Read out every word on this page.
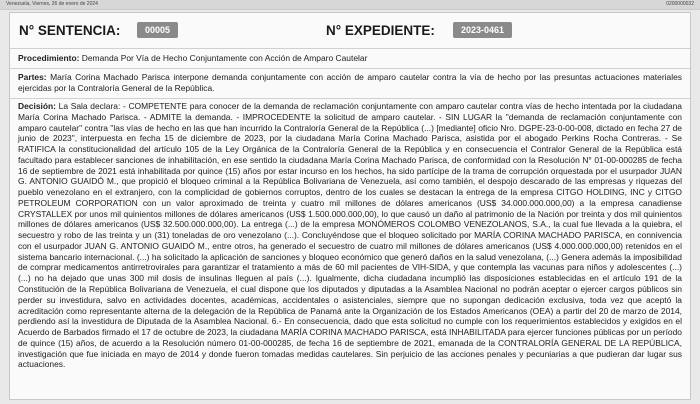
Venezuela, Viernes, 26 de enero de 2024	0200000032
N° SENTENCIA:	00005	N° EXPEDIENTE:	2023-0461
Procedimiento: Demanda Por Vía de Hecho Conjuntamente con Acción de Amparo Cautelar
Partes: María Corina Machado Parisca interpone demanda conjuntamente con acción de amparo cautelar contra la vía de hecho por las presuntas actuaciones materiales ejercidas por la Contraloría General de la República.
Decisión: La Sala declara: - COMPETENTE para conocer de la demanda de reclamación conjuntamente con amparo cautelar contra vías de hecho intentada por la ciudadana María Corina Machado Parisca. - ADMITE la demanda. - IMPROCEDENTE la solicitud de amparo cautelar. - SIN LUGAR la "demanda de reclamación conjuntamente con amparo cautelar" contra "las vías de hecho en las que han incurrido la Contraloría General de la República (...) [mediante] oficio Nro. DGPE-23-0-00-008, dictado en fecha 27 de junio de 2023", interpuesta en fecha 15 de diciembre de 2023, por la ciudadana María Corina Machado Parisca, asistida por el abogado Perkins Rocha Contreras. - Se RATIFICA la constitucionalidad del artículo 105 de la Ley Orgánica de la Contraloría General de la República y en consecuencia el Contralor General de la República está facultado para establecer sanciones de inhabilitación, en ese sentido la ciudadana María Corina Machado Parisca, de conformidad con la Resolución N° 01-00-000285 de fecha 16 de septiembre de 2021 está inhabilitada por quince (15) años por estar incurso en los hechos, ha sido partícipe de la trama de corrupción orquestada por el usurpador JUAN G. ANTONIO GUAIDÓ M., que propició el bloqueo criminal a la República Bolivariana de Venezuela, así como también, el despojo descarado de las empresas y riquezas del pueblo venezolano en el extranjero, con la complicidad de gobiernos corruptos, dentro de los cuales se destacan la entrega de la empresa CITGO HOLDING, INC y CITGO PETROLEUM CORPORATION con un valor aproximado de treinta y cuatro mil millones de dólares americanos (US$ 34.000.000.000,00) a la empresa canadiense CRYSTALLEX por unos mil quinientos millones de dólares americanos (US$ 1.500.000.000,00), lo que causó un daño al patrimonio de la Nación por treinta y dos mil quinientos millones de dólares americanos (US$ 32.500.000.000,00). La entrega (...) de la empresa MONÓMEROS COLOMBO VENEZOLANOS, S.A., la cual fue llevada a la quiebra, el secuestro y robo de las treinta y un (31) toneladas de oro venezolano (...). Concluyéndose que el bloqueo solicitado por MARÍA CORINA MACHADO PARISCA, en connivencia con el usurpador JUAN G. ANTONIO GUAIDÓ M., entre otros, ha generado el secuestro de cuatro mil millones de dólares americanos (US$ 4.000.000.000,00) retenidos en el sistema bancario internacional. (...) ha solicitado la aplicación de sanciones y bloqueo económico que generó daños en la salud venezolana, (...) Genera además la imposibilidad de comprar medicamentos antirretrovirales para garantizar el tratamiento a más de 60 mil pacientes de VIH-SIDA, y que contempla las vacunas para niños y adolescentes (...) (...) no ha dejado que unas 300 mil dosis de insulinas lleguen al país (...). Igualmente, dicha ciudadana incumplió las disposiciones establecidas en el artículo 191 de la Constitución de la República Bolivariana de Venezuela, el cual dispone que los diputados y diputadas a la Asamblea Nacional no podrán aceptar o ejercer cargos públicos sin perder su investidura, salvo en actividades docentes, académicas, accidentales o asistenciales, siempre que no supongan dedicación exclusiva, toda vez que aceptó la acreditación como representante alterna de la delegación de la República de Panamá ante la Organización de los Estados Americanos (OEA) a partir del 20 de marzo de 2014, perdiendo así la investidura de Diputada de la Asamblea Nacional. 6.- En consecuencia, dado que esta solicitud no cumple con los requerimientos establecidos y exigidos en el Acuerdo de Barbados firmado el 17 de octubre de 2023, la ciudadana MARÍA CORINA MACHADO PARISCA, está INHABILITADA para ejercer funciones públicas por un período de quince (15) años, de acuerdo a la Resolución número 01-00-000285, de fecha 16 de septiembre de 2021, emanada de la CONTRALORÍA GENERAL DE LA REPÚBLICA, investigación que fue iniciada en mayo de 2014 y donde fueron tomadas medidas cautelares. Sin perjuicio de las acciones penales y pecuniarias a que pudieran dar lugar sus actuaciones.
